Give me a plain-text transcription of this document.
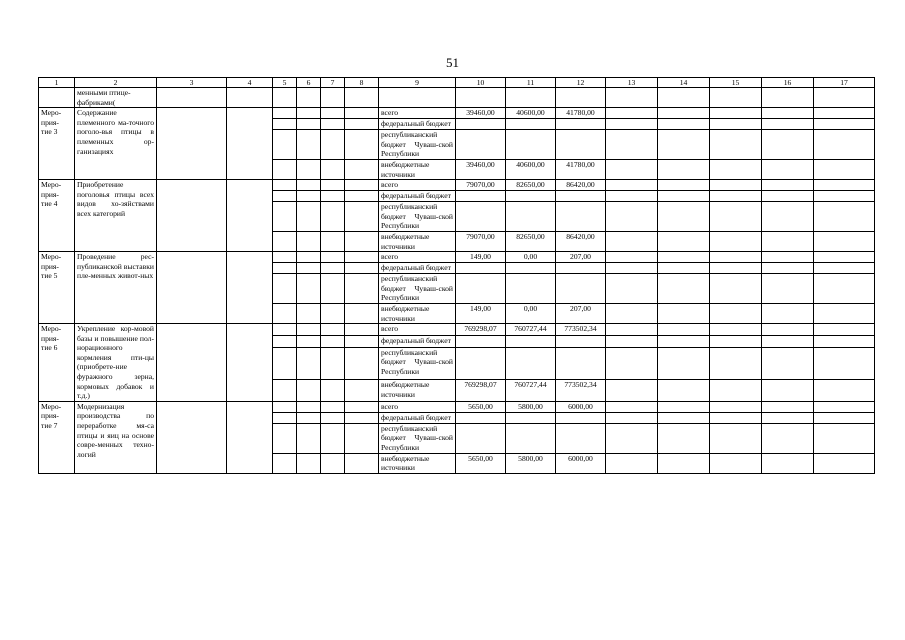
51
1	2	3	4	5	6	7	8	9	10	11	12	13	14	15	16	17
	менными птице-
фабриками(															
Меро-
прия-
тие 3	Содержание племенного ма-точного поголо-вья птицы в племенных ор-ганизациях							всего	39460,00	40600,00	41780,00					
								федеральный бюджет								
								республиканский бюджет Чуваш-ской Республики								
								внебюджетные источники	39460,00	40600,00	41780,00					
Меро-
прия-
тие 4	Приобретение поголовья птицы всех видов хо-зяйствами всех категорий							всего	79070,00	82650,00	86420,00					
								федеральный бюджет								
								республиканский бюджет Чуваш-ской Республики								
								внебюджетные источники	79070,00	82650,00	86420,00					
Меро-
прия-
тие 5	Проведение рес-публиканской выставки пле-менных живот-ных							всего	149,00	0,00	207,00					
								федеральный бюджет								
								республиканский бюджет Чуваш-ской Республики								
								внебюджетные источники	149,00	0,00	207,00					
Меро-
прия-
тие 6	Укрепление кор-мовой базы и повышение пол-норационного кормления пти-цы (приобрете-ние фуражного зерна, кормовых добавок и т.д.)							всего	769298,07	760727,44	773502,34					
								федеральный бюджет								
								республиканский бюджет Чуваш-ской Республики								
								внебюджетные источники	769298,07	760727,44	773502,34					
Меро-
прия-
тие 7	Модернизация производства по переработке мя-са птицы и яиц на основе совре-менных техно-логий							всего	5650,00	5800,00	6000,00					
								федеральный бюджет								
								республиканский бюджет Чуваш-ской Республики								
								внебюджетные источники	5650,00	5800,00	6000,00					
